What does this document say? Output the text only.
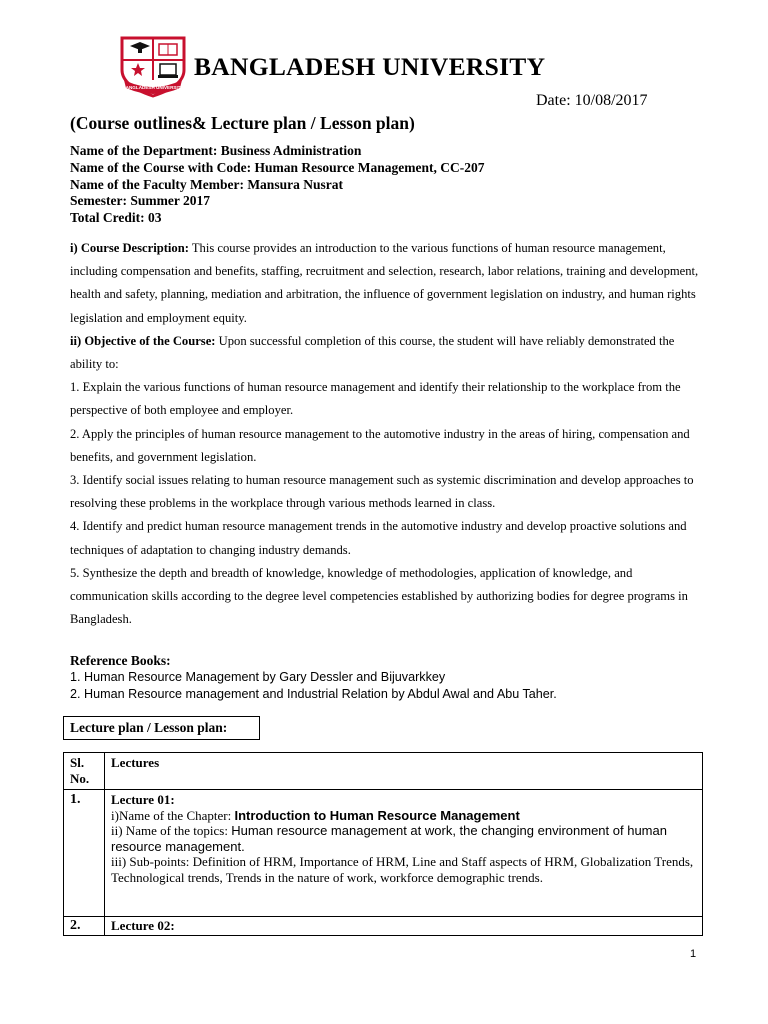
BANGLADESH UNIVERSITY
BANGLADESH UNIVERSITY
Date: 10/08/2017
(Course outlines& Lecture plan / Lesson plan)
Name of the Department: Business Administration
Name of the Course with Code: Human Resource Management, CC-207
Name of the Faculty Member: Mansura Nusrat
Semester: Summer 2017
Total Credit: 03

i) Course Description: This course provides an introduction to the various functions of human resource management, including compensation and benefits, staffing, recruitment and selection, research, labor relations, training and development, health and safety, planning, mediation and arbitration, the influence of government legislation on industry, and human rights legislation and employment equity.

ii) Objective of the Course: Upon successful completion of this course, the student will have reliably demonstrated the ability to:

1. Explain the various functions of human resource management and identify their relationship to the workplace from the perspective of both employee and employer.

2. Apply the principles of human resource management to the automotive industry in the areas of hiring, compensation and benefits, and government legislation.

3. Identify social issues relating to human resource management such as systemic discrimination and develop approaches to resolving these problems in the workplace through various methods learned in class.

4. Identify and predict human resource management trends in the automotive industry and develop proactive solutions and techniques of adaptation to changing industry demands.

5. Synthesize the depth and breadth of knowledge, knowledge of methodologies, application of knowledge, and communication skills according to the degree level competencies established by authorizing bodies for degree programs in Bangladesh.

Reference Books:
1. Human Resource Management by Gary Dessler and Bijuvarkkey
2. Human Resource management and Industrial Relation by Abdul Awal and Abu Taher.
Lecture plan / Lesson plan:
Sl. No.	Lectures
1.	Lecture 01:
i)Name of the Chapter: Introduction to Human Resource Management
ii) Name of the topics: Human resource management at work, the changing environment of human resource management.
iii) Sub-points: Definition of HRM, Importance of HRM, Line and Staff aspects of HRM, Globalization Trends, Technological trends, Trends in the nature of work, workforce demographic trends.

2.	Lecture 02:
1
